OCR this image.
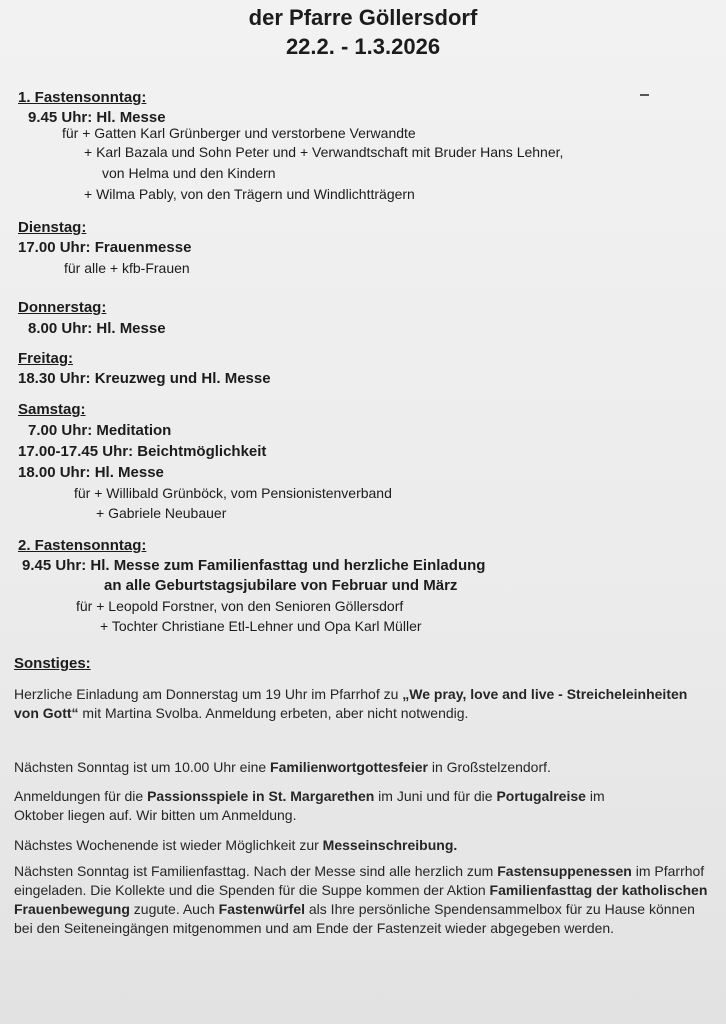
der Pfarre Göllersdorf
22.2. - 1.3.2026
1. Fastensonntag:
9.45 Uhr: Hl. Messe
für + Gatten Karl Grünberger und verstorbene Verwandte
+ Karl Bazala und Sohn Peter und + Verwandtschaft mit Bruder Hans Lehner,
von Helma und den Kindern
+ Wilma Pably, von den Trägern und Windlichtträgern
Dienstag:
17.00 Uhr: Frauenmesse
für alle + kfb-Frauen
Donnerstag:
8.00 Uhr: Hl. Messe
Freitag:
18.30 Uhr: Kreuzweg und Hl. Messe
Samstag:
7.00 Uhr: Meditation
17.00-17.45 Uhr: Beichtmöglichkeit
18.00 Uhr: Hl. Messe
für + Willibald Grünböck, vom Pensionistenverband
+ Gabriele Neubauer
2. Fastensonntag:
9.45 Uhr: Hl. Messe zum Familienfasttag und herzliche Einladung
an alle Geburtstagsjubilare von Februar und März
für + Leopold Forstner, von den Senioren Göllersdorf
+ Tochter Christiane Etl-Lehner und Opa Karl Müller
Sonstiges:
Herzliche Einladung am Donnerstag um 19 Uhr im Pfarrhof zu „We pray, love and live - Streicheleinheiten von Gott“ mit Martina Svolba. Anmeldung erbeten, aber nicht notwendig.
Nächsten Sonntag ist um 10.00 Uhr eine Familienwortgottesfeier in Großstelzendorf.
Anmeldungen für die Passionsspiele in St. Margarethen im Juni und für die Portugalreise im Oktober liegen auf. Wir bitten um Anmeldung.
Nächstes Wochenende ist wieder Möglichkeit zur Messeinschreibung.
Nächsten Sonntag ist Familienfasttag. Nach der Messe sind alle herzlich zum Fastensuppenessen im Pfarrhof eingeladen. Die Kollekte und die Spenden für die Suppe kommen der Aktion Familienfasttag der katholischen Frauenbewegung zugute. Auch Fastenwürfel als Ihre persönliche Spendensammelbox für zu Hause können bei den Seiteneingängen mitgenommen und am Ende der Fastenzeit wieder abgegeben werden.
